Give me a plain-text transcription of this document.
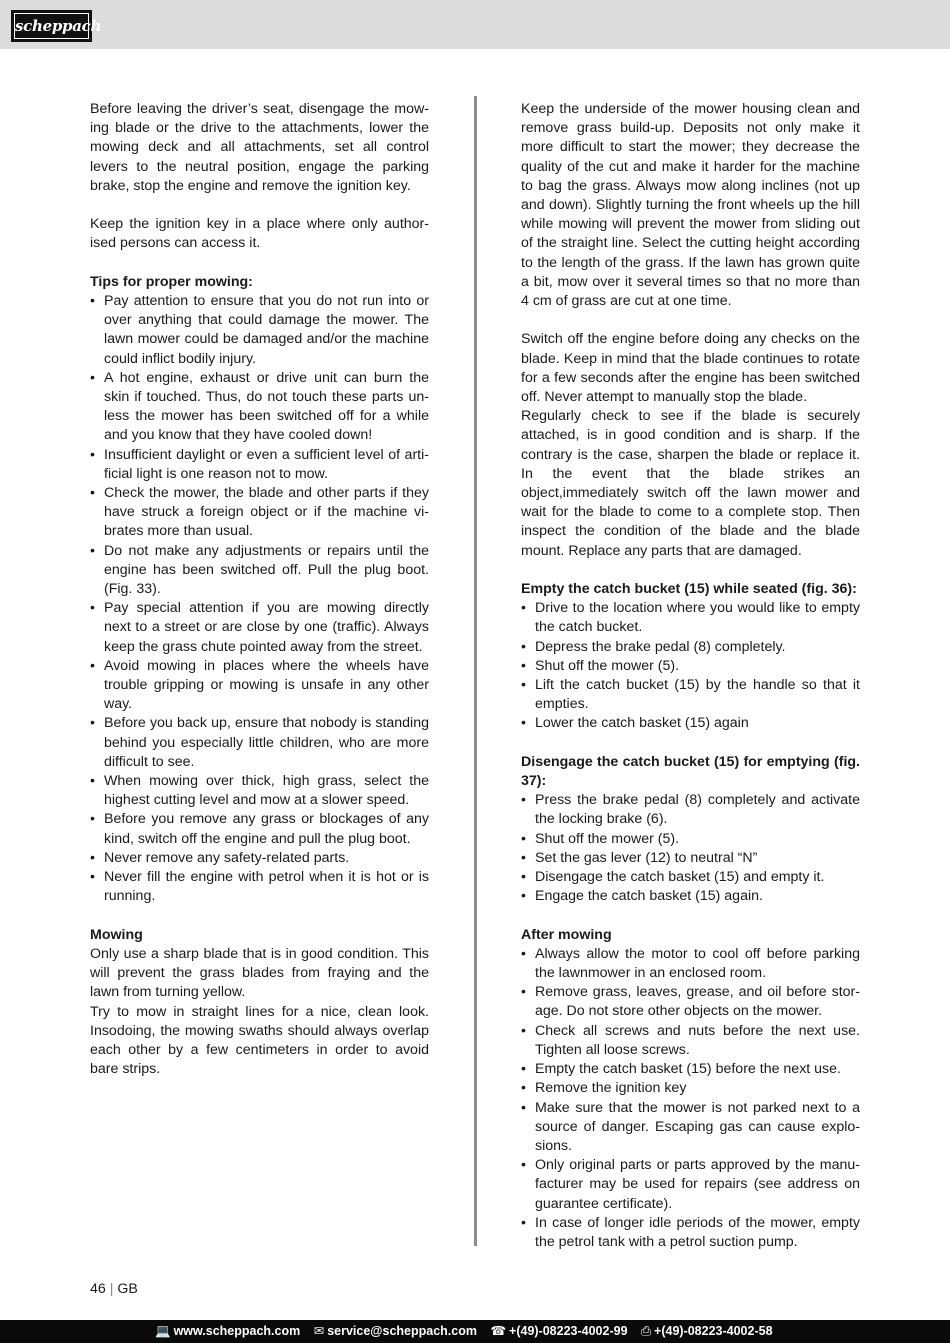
scheppach

Before leaving the driver’s seat, disengage the mow-ing blade or the drive to the attachments, lower the mowing deck and all attachments, set all control levers to the neutral position, engage the parking brake, stop the engine and remove the ignition key.

Keep the ignition key in a place where only author-ised persons can access it.

Tips for proper mowing:

• Pay attention to ensure that you do not run into or over anything that could damage the mower. The lawn mower could be damaged and/or the machine could inflict bodily injury.
• A hot engine, exhaust or drive unit can burn the skin if touched. Thus, do not touch these parts un-less the mower has been switched off for a while and you know that they have cooled down!
• Insufficient daylight or even a sufficient level of arti-ficial light is one reason not to mow.
• Check the mower, the blade and other parts if they have struck a foreign object or if the machine vi-brates more than usual.
• Do not make any adjustments or repairs until the engine has been switched off. Pull the plug boot. (Fig. 33).
• Pay special attention if you are mowing directly next to a street or are close by one (traffic). Always keep the grass chute pointed away from the street.
• Avoid mowing in places where the wheels have trouble gripping or mowing is unsafe in any other way.
• Before you back up, ensure that nobody is standing behind you especially little children, who are more difficult to see.
• When mowing over thick, high grass, select the highest cutting level and mow at a slower speed.
• Before you remove any grass or blockages of any kind, switch off the engine and pull the plug boot.
• Never remove any safety-related parts.
• Never fill the engine with petrol when it is hot or is running.

Mowing

Only use a sharp blade that is in good condition. This will prevent the grass blades from fraying and the lawn from turning yellow.

Try to mow in straight lines for a nice, clean look. Insodoing, the mowing swaths should always overlap each other by a few centimeters in order to avoid bare strips.

Keep the underside of the mower housing clean and remove grass build-up. Deposits not only make it more difficult to start the mower; they decrease the quality of the cut and make it harder for the machine to bag the grass. Always mow along inclines (not up and down). Slightly turning the front wheels up the hill while mowing will prevent the mower from sliding out of the straight line. Select the cutting height according to the length of the grass. If the lawn has grown quite a bit, mow over it several times so that no more than 4 cm of grass are cut at one time.

Switch off the engine before doing any checks on the blade. Keep in mind that the blade continues to rotate for a few seconds after the engine has been switched off. Never attempt to manually stop the blade.

Regularly check to see if the blade is securely attached, is in good condition and is sharp. If the contrary is the case, sharpen the blade or replace it. In the event that the blade strikes an object,immediately switch off the lawn mower and wait for the blade to come to a complete stop. Then inspect the condition of the blade and the blade mount. Replace any parts that are damaged.

Empty the catch bucket (15) while seated (fig. 36):

• Drive to the location where you would like to empty the catch bucket.
• Depress the brake pedal (8) completely.
• Shut off the mower (5).
• Lift the catch bucket (15) by the handle so that it empties.
• Lower the catch basket (15) again

Disengage the catch bucket (15) for emptying (fig. 37):

• Press the brake pedal (8) completely and activate the locking brake (6).
• Shut off the mower (5).
• Set the gas lever (12) to neutral “N”
• Disengage the catch basket (15) and empty it.
• Engage the catch basket (15) again.

After mowing

• Always allow the motor to cool off before parking the lawnmower in an enclosed room.
• Remove grass, leaves, grease, and oil before stor-age. Do not store other objects on the mower.
• Check all screws and nuts before the next use. Tighten all loose screws.
• Empty the catch basket (15) before the next use.
• Remove the ignition key
• Make sure that the mower is not parked next to a source of danger. Escaping gas can cause explo-sions.
• Only original parts or parts approved by the manu-facturer may be used for repairs (see address on guarantee certificate).
• In case of longer idle periods of the mower, empty the petrol tank with a petrol suction pump.
46 | GB
💻 www.scheppach.com ✉ service@scheppach.com ☎ +(49)-08223-4002-99 ⎙ +(49)-08223-4002-58
